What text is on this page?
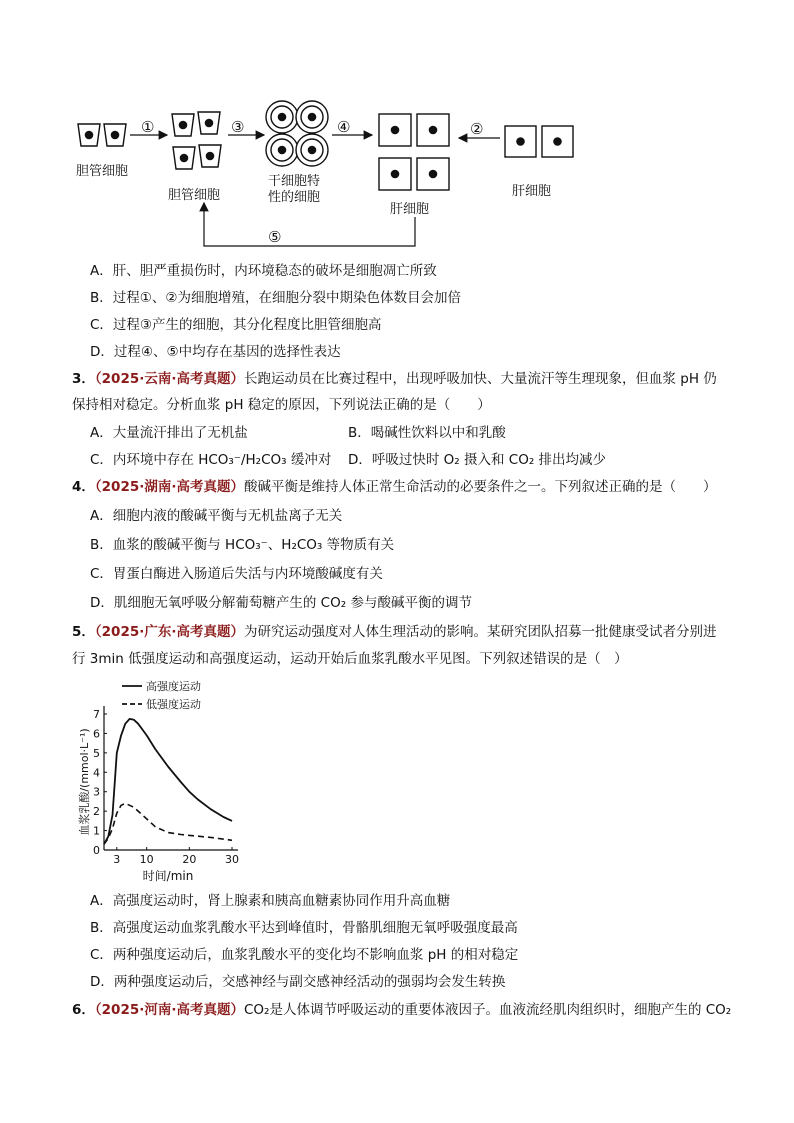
①	③	④	②
⑤
胆管细胞
胆管细胞
干细胞特
性的细胞
肝细胞
肝细胞
A．肝、胆严重损伤时，内环境稳态的破坏是细胞凋亡所致
B．过程①、②为细胞增殖，在细胞分裂中期染色体数目会加倍
C．过程③产生的细胞，其分化程度比胆管细胞高
D．过程④、⑤中均存在基因的选择性表达
3．（2025·云南·高考真题）长跑运动员在比赛过程中，出现呼吸加快、大量流汗等生理现象，但血浆 pH 仍
保持相对稳定。分析血浆 pH 稳定的原因，下列说法正确的是（　　）
A．大量流汗排出了无机盐	B．喝碱性饮料以中和乳酸
C．内环境中存在 HCO₃⁻/H₂CO₃ 缓冲对 D．呼吸过快时 O₂ 摄入和 CO₂ 排出均减少
4．（2025·湖南·高考真题）酸碱平衡是维持人体正常生命活动的必要条件之一。下列叙述正确的是（　　）
A．细胞内液的酸碱平衡与无机盐离子无关
B．血浆的酸碱平衡与 HCO₃⁻、H₂CO₃ 等物质有关
C．胃蛋白酶进入肠道后失活与内环境酸碱度有关
D．肌细胞无氧呼吸分解葡萄糖产生的 CO₂ 参与酸碱平衡的调节
5．（2025·广东·高考真题）为研究运动强度对人体生理活动的影响。某研究团队招募一批健康受试者分别进
行 3min 低强度运动和高强度运动，运动开始后血浆乳酸水平见图。下列叙述错误的是（　）
0
1
2
3
4
5
6
7
3 10	20	30
时间/min
血浆乳酸/(mmol·L⁻¹)
高强度运动
低强度运动
A．高强度运动时，肾上腺素和胰高血糖素协同作用升高血糖
B．高强度运动血浆乳酸水平达到峰值时，骨骼肌细胞无氧呼吸强度最高
C．两种强度运动后，血浆乳酸水平的变化均不影响血浆 pH 的相对稳定
D．两种强度运动后，交感神经与副交感神经活动的强弱均会发生转换
6．（2025·河南·高考真题）CO₂是人体调节呼吸运动的重要体液因子。血液流经肌肉组织时，细胞产生的 CO₂
